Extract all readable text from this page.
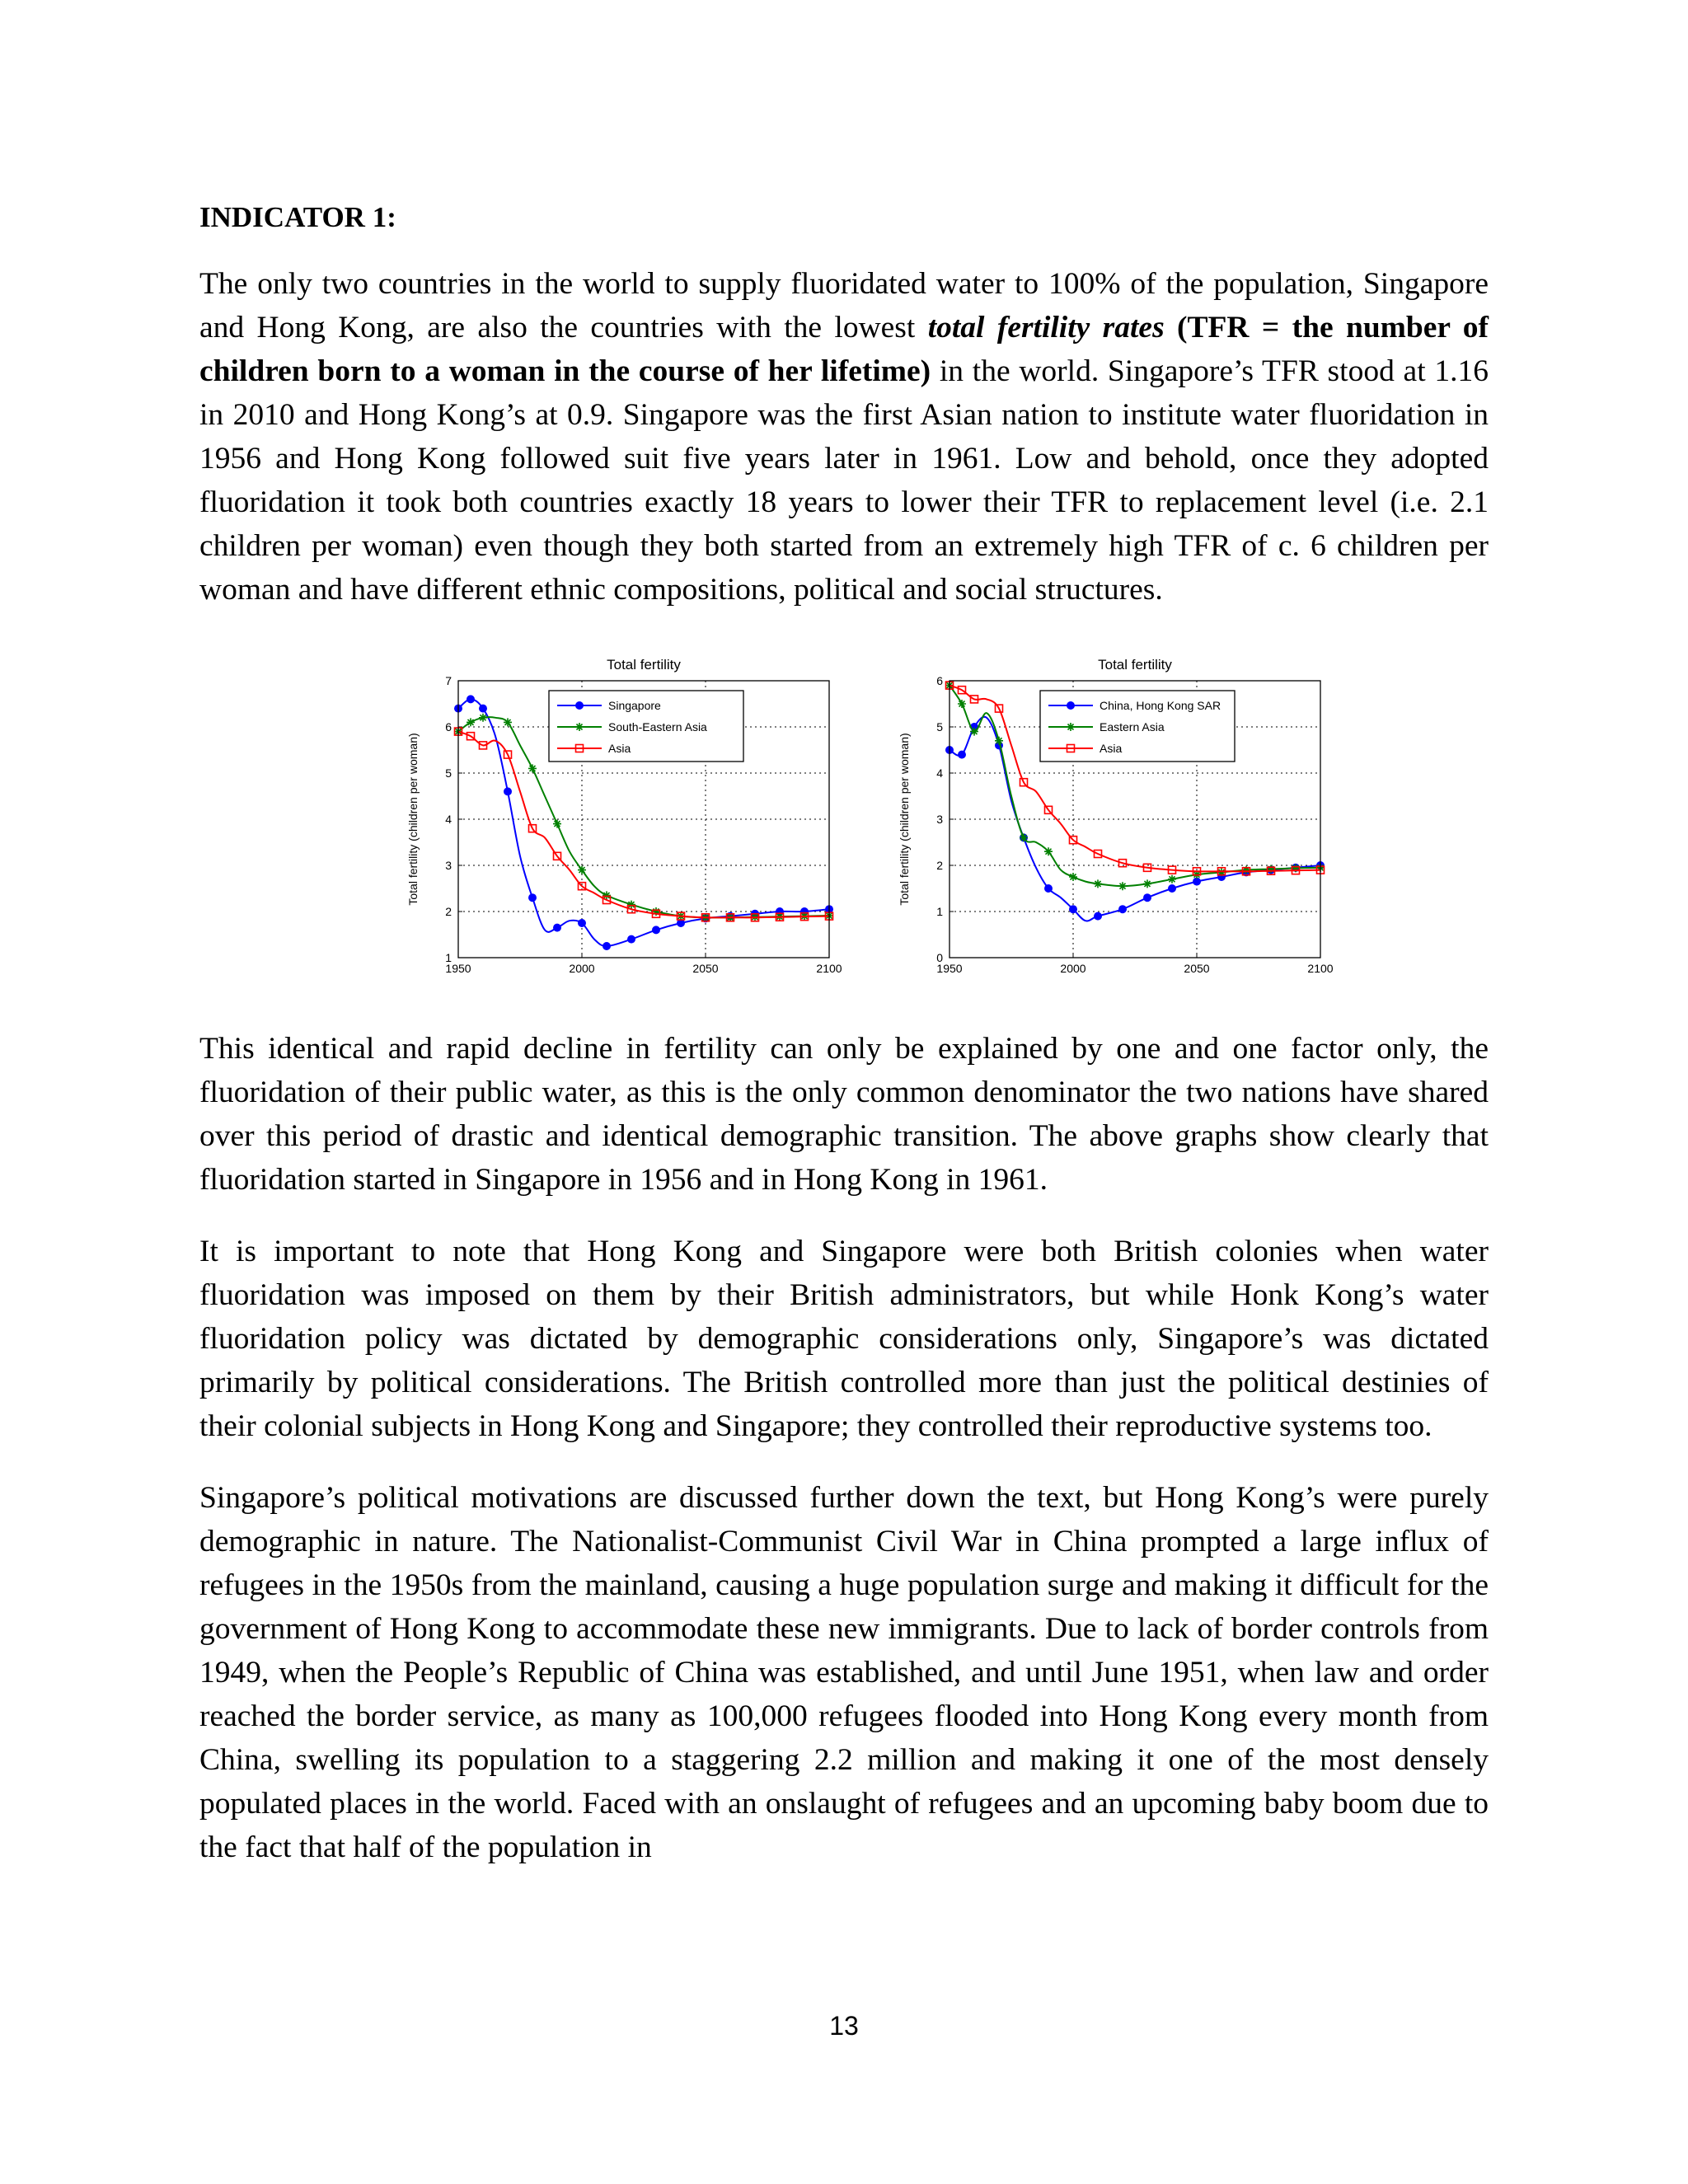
INDICATOR 1:

The only two countries in the world to supply fluoridated water to 100% of the population, Singapore and Hong Kong, are also the countries with the lowest total fertility rates (TFR = the number of children born to a woman in the course of her lifetime) in the world. Singapore’s TFR stood at 1.16 in 2010 and Hong Kong’s at 0.9. Singapore was the first Asian nation to institute water fluoridation in 1956 and Hong Kong followed suit five years later in 1961. Low and behold, once they adopted fluoridation it took both countries exactly 18 years to lower their TFR to replacement level (i.e. 2.1 children per woman) even though they both started from an extremely high TFR of c. 6 children per woman and have different ethnic compositions, political and social structures.

Total fertility
1950	2000	2050	2100
1
2
3
4
5
6
7
Total fertility (children per woman)
Singapore
South-Eastern Asia
Asia
Total fertility
1950	2000	2050	2100
0
1
2
3
4
5
6
Total fertility (children per woman)
China, Hong Kong SAR
Eastern Asia
Asia

This identical and rapid decline in fertility can only be explained by one and one factor only, the fluoridation of their public water, as this is the only common denominator the two nations have shared over this period of drastic and identical demographic transition. The above graphs show clearly that fluoridation started in Singapore in 1956 and in Hong Kong in 1961.

It is important to note that Hong Kong and Singapore were both British colonies when water fluoridation was imposed on them by their British administrators, but while Honk Kong’s water fluoridation policy was dictated by demographic considerations only, Singapore’s was dictated primarily by political considerations. The British controlled more than just the political destinies of their colonial subjects in Hong Kong and Singapore; they controlled their reproductive systems too.

Singapore’s political motivations are discussed further down the text, but Hong Kong’s were purely demographic in nature. The Nationalist-Communist Civil War in China prompted a large influx of refugees in the 1950s from the mainland, causing a huge population surge and making it difficult for the government of Hong Kong to accommodate these new immigrants. Due to lack of border controls from 1949, when the People’s Republic of China was established, and until June 1951, when law and order reached the border service, as many as 100,000 refugees flooded into Hong Kong every month from China, swelling its population to a staggering 2.2 million and making it one of the most densely populated places in the world. Faced with an onslaught of refugees and an upcoming baby boom due to the fact that half of the population in

13
